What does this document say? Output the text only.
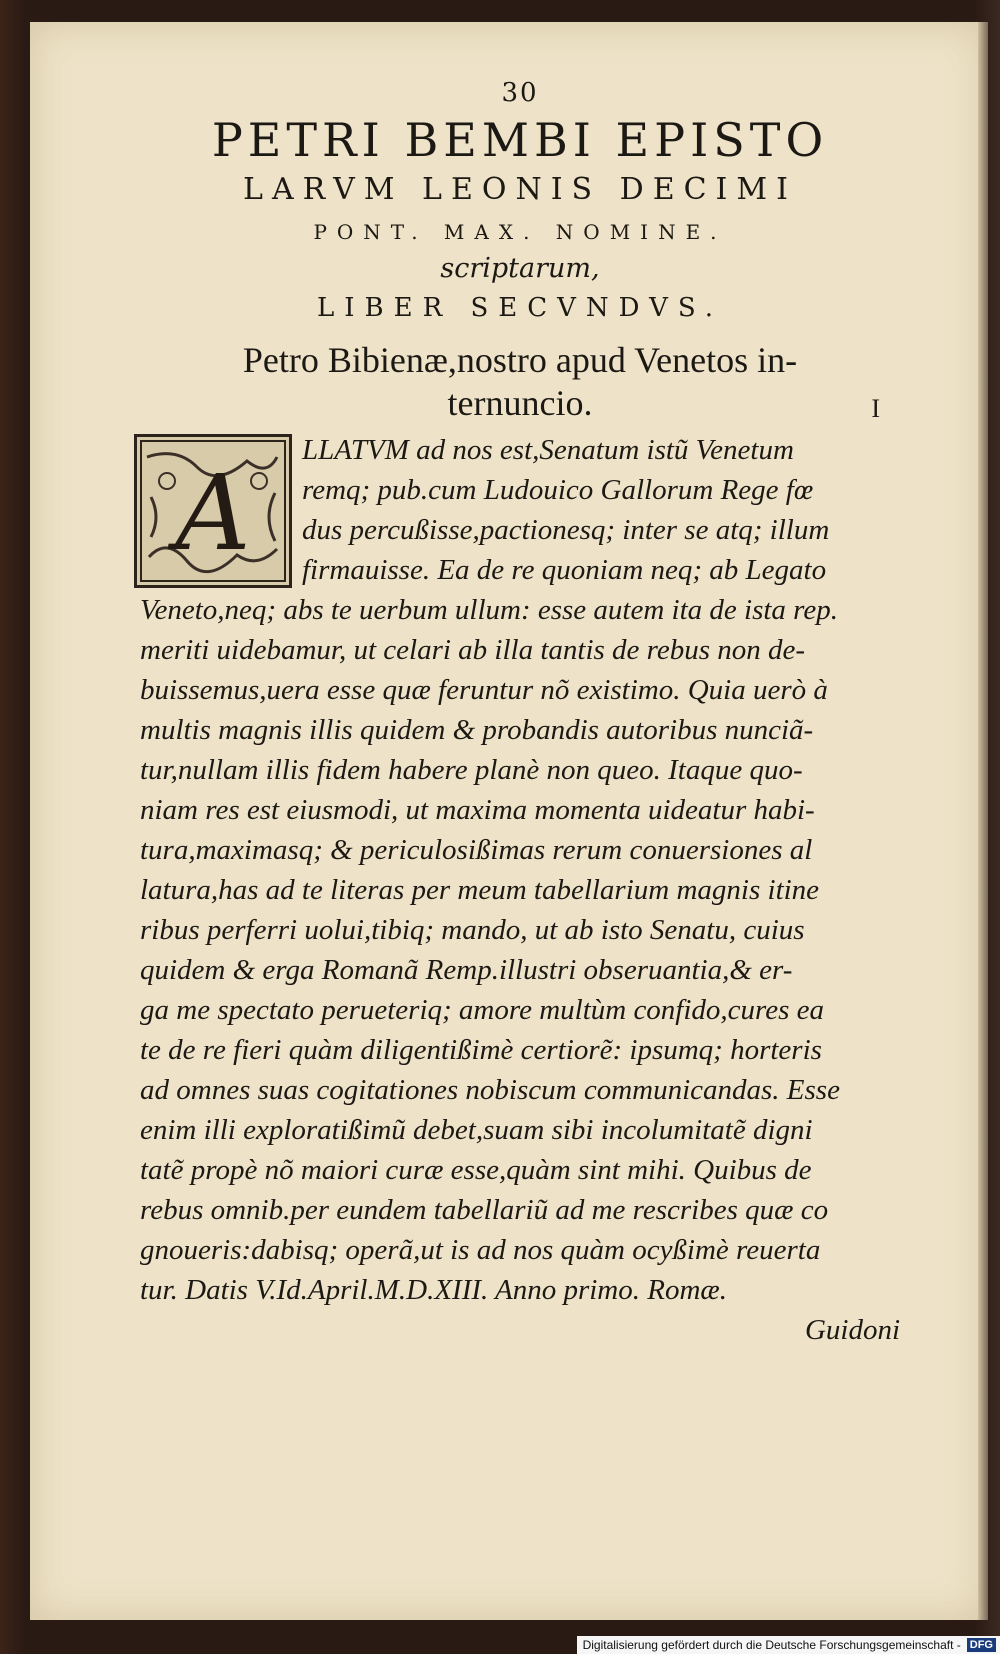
30
PETRI BEMBI EPISTO
LARVM LEONIS DECIMI
PONT. MAX. NOMINE.
scriptarum,
LIBER SECVNDVS.
Petro Bibienæ,nostro apud Venetos in-
ternuncio.	I
A
LLATVM ad nos est,Senatum istũ Venetum
remq; pub.cum Ludouico Gallorum Rege fœ
dus percußisse,pactionesq; inter se atq; illum
firmauisse. Ea de re quoniam neq; ab Legato
Veneto,neq; abs te uerbum ullum: esse autem ita de ista rep.
meriti uidebamur, ut celari ab illa tantis de rebus non de-
buissemus,uera esse quæ feruntur nõ existimo. Quia uerò à
multis magnis illis quidem & probandis autoribus nunciã-
tur,nullam illis fidem habere planè non queo. Itaque quo-
niam res est eiusmodi, ut maxima momenta uideatur habi-
tura,maximasq; & periculosißimas rerum conuersiones al
latura,has ad te literas per meum tabellarium magnis itine
ribus perferri uolui,tibiq; mando, ut ab isto Senatu, cuius
quidem & erga Romanã Remp.illustri obseruantia,& er-
ga me spectato perueteriq; amore multùm confido,cures ea
te de re fieri quàm diligentißimè certiorẽ: ipsumq; horteris
ad omnes suas cogitationes nobiscum communicandas. Esse
enim illi exploratißimũ debet,suam sibi incolumitatẽ digni
tatẽ propè nõ maiori curæ esse,quàm sint mihi. Quibus de
rebus omnib.per eundem tabellariũ ad me rescribes quæ co
gnoueris:dabisq; operã,ut is ad nos quàm ocyßimè reuerta
tur. Datis V.Id.April.M.D.XIII. Anno primo. Romæ.
Guidoni
Digitalisierung gefördert durch die Deutsche Forschungsgemeinschaft - DFG
